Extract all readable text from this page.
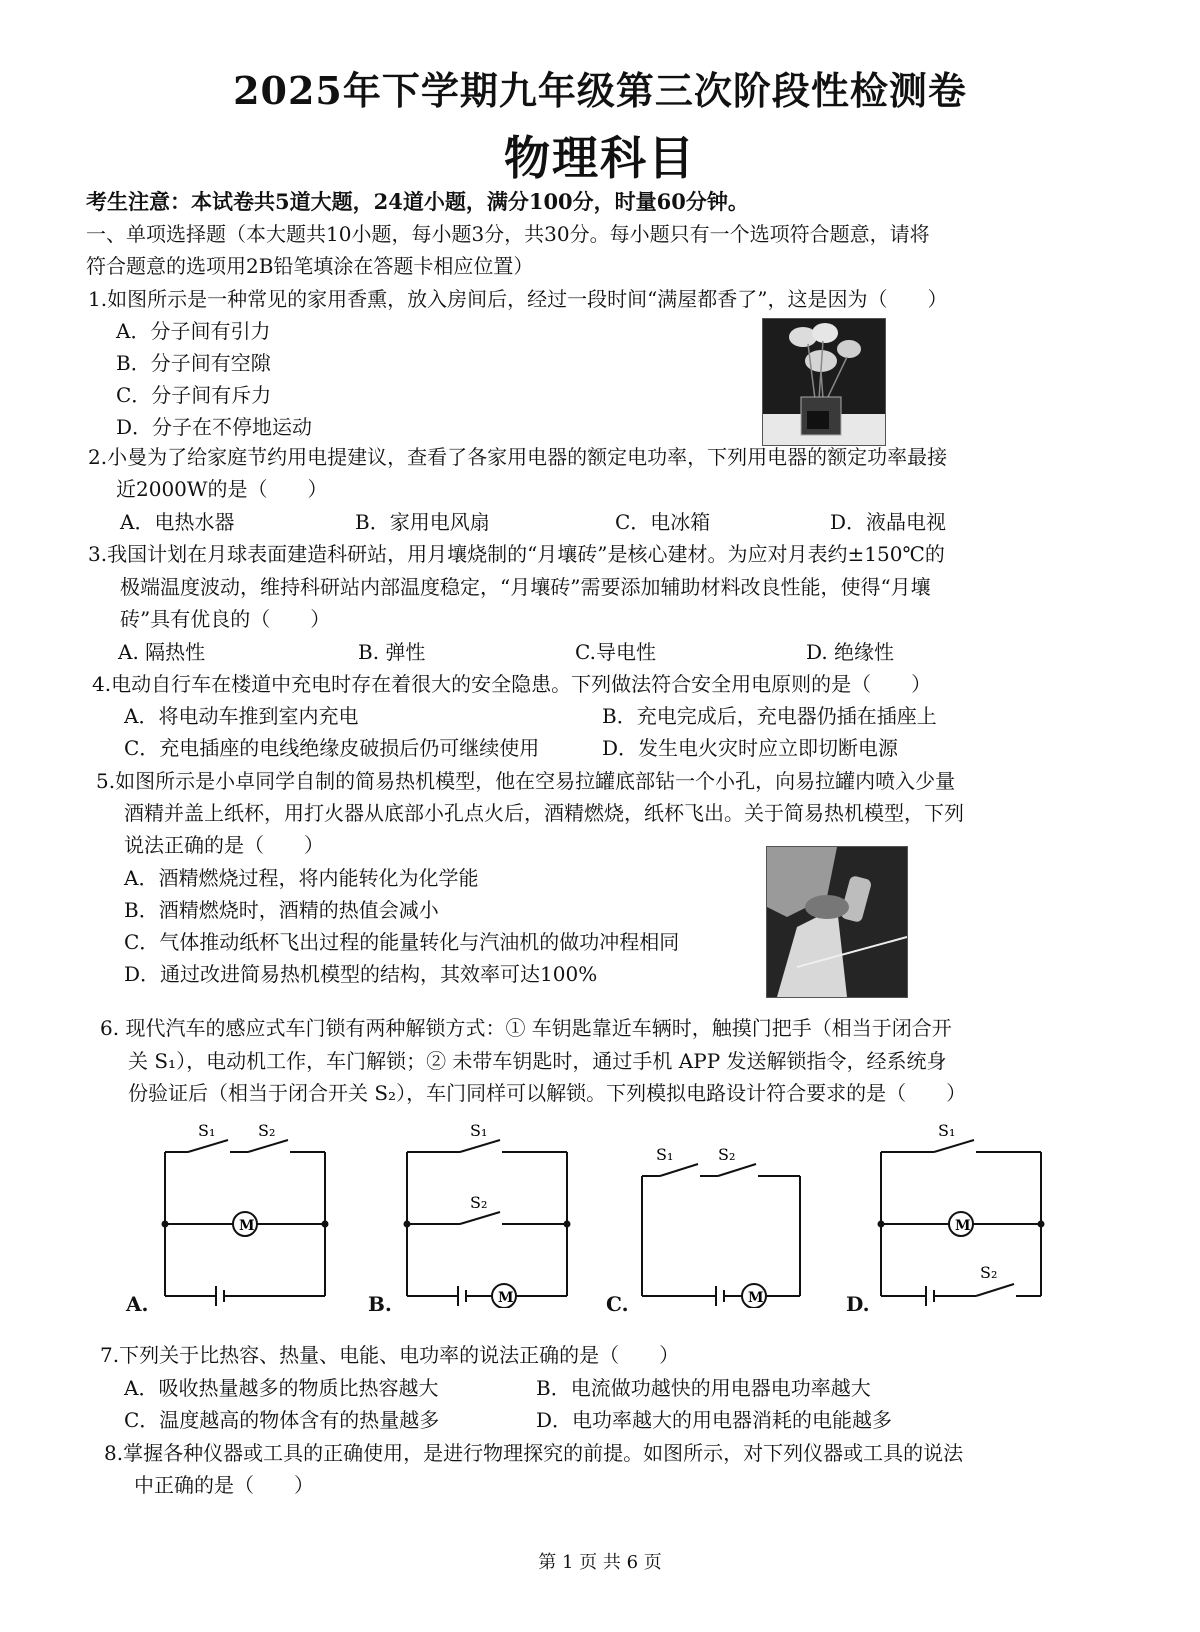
2025年下学期九年级第三次阶段性检测卷
物理科目
考生注意：本试卷共5道大题，24道小题，满分100分，时量60分钟。
一、单项选择题（本大题共10小题，每小题3分，共30分。每小题只有一个选项符合题意，请将
符合题意的选项用2B铅笔填涂在答题卡相应位置）
1.如图所示是一种常见的家用香熏，放入房间后，经过一段时间“满屋都香了”，这是因为（　　）
A．分子间有引力
B．分子间有空隙
C．分子间有斥力
D．分子在不停地运动
2.小曼为了给家庭节约用电提建议，查看了各家用电器的额定电功率，下列用电器的额定功率最接
近2000W的是（　　）
A．电热水器	B．家用电风扇	C．电冰箱	D．液晶电视
3.我国计划在月球表面建造科研站，用月壤烧制的“月壤砖”是核心建材。为应对月表约±150℃的
极端温度波动，维持科研站内部温度稳定，“月壤砖”需要添加辅助材料改良性能，使得“月壤
砖”具有优良的（　　）
A. 隔热性	B. 弹性	C.导电性	D. 绝缘性
4.电动自行车在楼道中充电时存在着很大的安全隐患。下列做法符合安全用电原则的是（　　）
A．将电动车推到室内充电	B．充电完成后，充电器仍插在插座上
C．充电插座的电线绝缘皮破损后仍可继续使用	D．发生电火灾时应立即切断电源
5.如图所示是小卓同学自制的简易热机模型，他在空易拉罐底部钻一个小孔，向易拉罐内喷入少量
酒精并盖上纸杯，用打火器从底部小孔点火后，酒精燃烧，纸杯飞出。关于简易热机模型，下列
说法正确的是（　　）
A．酒精燃烧过程，将内能转化为化学能
B．酒精燃烧时，酒精的热值会减小
C．气体推动纸杯飞出过程的能量转化与汽油机的做功冲程相同
D．通过改进简易热机模型的结构，其效率可达100%
6. 现代汽车的感应式车门锁有两种解锁方式：① 车钥匙靠近车辆时，触摸门把手（相当于闭合开
关 S₁），电动机工作，车门解锁；② 未带车钥匙时，通过手机 APP 发送解锁指令，经系统身
份验证后（相当于闭合开关 S₂），车门同样可以解锁。下列模拟电路设计符合要求的是（　　）
S₁	S₂
M
A.
S₁
S₂
M
B.
S₁	S₂
M
C.
S₁
S₂
M
D.
7.下列关于比热容、热量、电能、电功率的说法正确的是（　　）
A．吸收热量越多的物质比热容越大	B．电流做功越快的用电器电功率越大
C．温度越高的物体含有的热量越多	D．电功率越大的用电器消耗的电能越多
8.掌握各种仪器或工具的正确使用，是进行物理探究的前提。如图所示，对下列仪器或工具的说法
中正确的是（　　）
第 1 页 共 6 页
